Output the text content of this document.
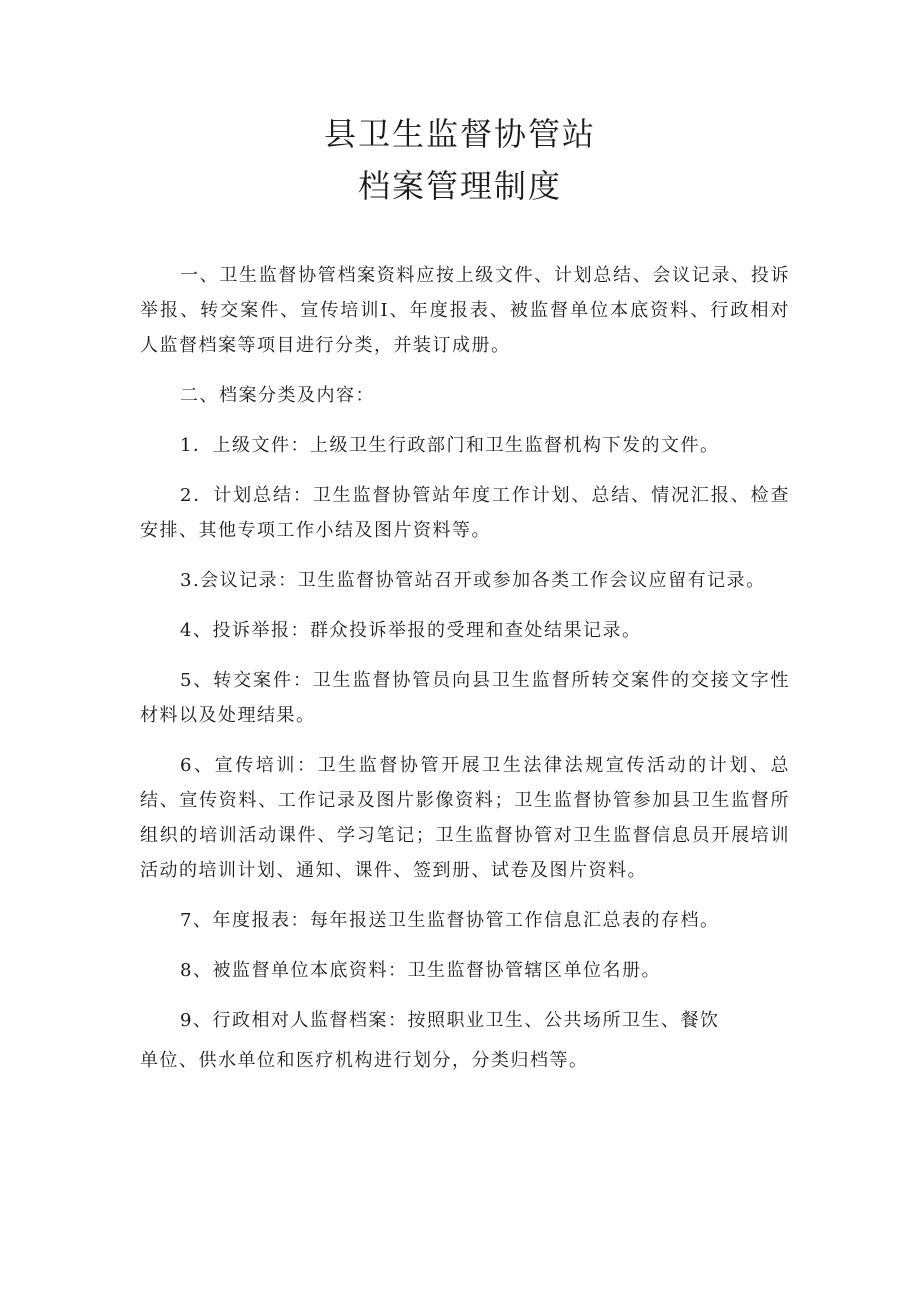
县卫生监督协管站

档案管理制度

一、卫生监督协管档案资料应按上级文件、计划总结、会议记录、投诉举报、转交案件、宣传培训Ⅰ、年度报表、被监督单位本底资料、行政相对人监督档案等项目进行分类，并装订成册。

二、档案分类及内容：

1．上级文件：上级卫生行政部门和卫生监督机构下发的文件。

2．计划总结：卫生监督协管站年度工作计划、总结、情况汇报、检查安排、其他专项工作小结及图片资料等。

3.会议记录：卫生监督协管站召开或参加各类工作会议应留有记录。

4、投诉举报：群众投诉举报的受理和查处结果记录。

5、转交案件：卫生监督协管员向县卫生监督所转交案件的交接文字性材料以及处理结果。

6、宣传培训：卫生监督协管开展卫生法律法规宣传活动的计划、总结、宣传资料、工作记录及图片影像资料；卫生监督协管参加县卫生监督所组织的培训活动课件、学习笔记；卫生监督协管对卫生监督信息员开展培训活动的培训计划、通知、课件、签到册、试卷及图片资料。

7、年度报表：每年报送卫生监督协管工作信息汇总表的存档。

8、被监督单位本底资料：卫生监督协管辖区单位名册。

9、行政相对人监督档案：按照职业卫生、公共场所卫生、餐饮

单位、供水单位和医疗机构进行划分，分类归档等。
